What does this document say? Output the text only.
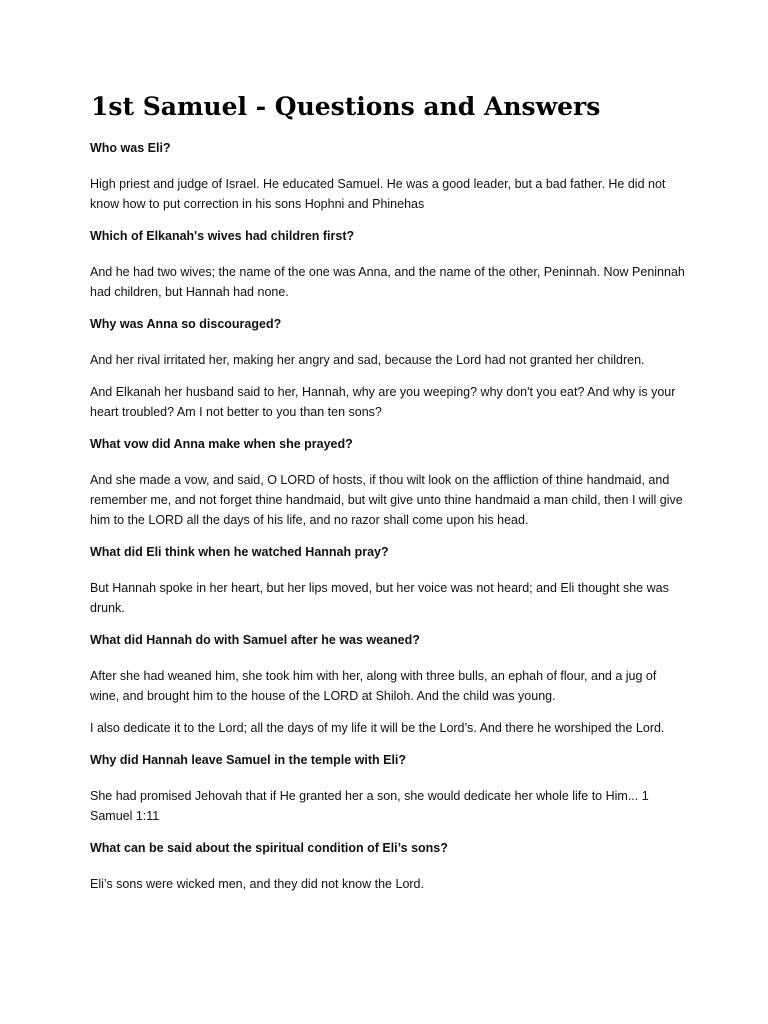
1st Samuel - Questions and Answers

Who was Eli?

High priest and judge of Israel. He educated Samuel. He was a good leader, but a bad father. He did not know how to put correction in his sons Hophni and Phinehas

Which of Elkanah's wives had children first?

And he had two wives; the name of the one was Anna, and the name of the other, Peninnah. Now Peninnah had children, but Hannah had none.

Why was Anna so discouraged?

And her rival irritated her, making her angry and sad, because the Lord had not granted her children.

And Elkanah her husband said to her, Hannah, why are you weeping? why don't you eat? And why is your heart troubled? Am I not better to you than ten sons?

What vow did Anna make when she prayed?

And she made a vow, and said, O LORD of hosts, if thou wilt look on the affliction of thine handmaid, and remember me, and not forget thine handmaid, but wilt give unto thine handmaid a man child, then I will give him to the LORD all the days of his life, and no razor shall come upon his head.

What did Eli think when he watched Hannah pray?

But Hannah spoke in her heart, but her lips moved, but her voice was not heard; and Eli thought she was drunk.

What did Hannah do with Samuel after he was weaned?

After she had weaned him, she took him with her, along with three bulls, an ephah of flour, and a jug of wine, and brought him to the house of the LORD at Shiloh. And the child was young.

I also dedicate it to the Lord; all the days of my life it will be the Lord’s. And there he worshiped the Lord.

Why did Hannah leave Samuel in the temple with Eli?

She had promised Jehovah that if He granted her a son, she would dedicate her whole life to Him... 1 Samuel 1:11

What can be said about the spiritual condition of Eli’s sons?

Eli’s sons were wicked men, and they did not know the Lord.
